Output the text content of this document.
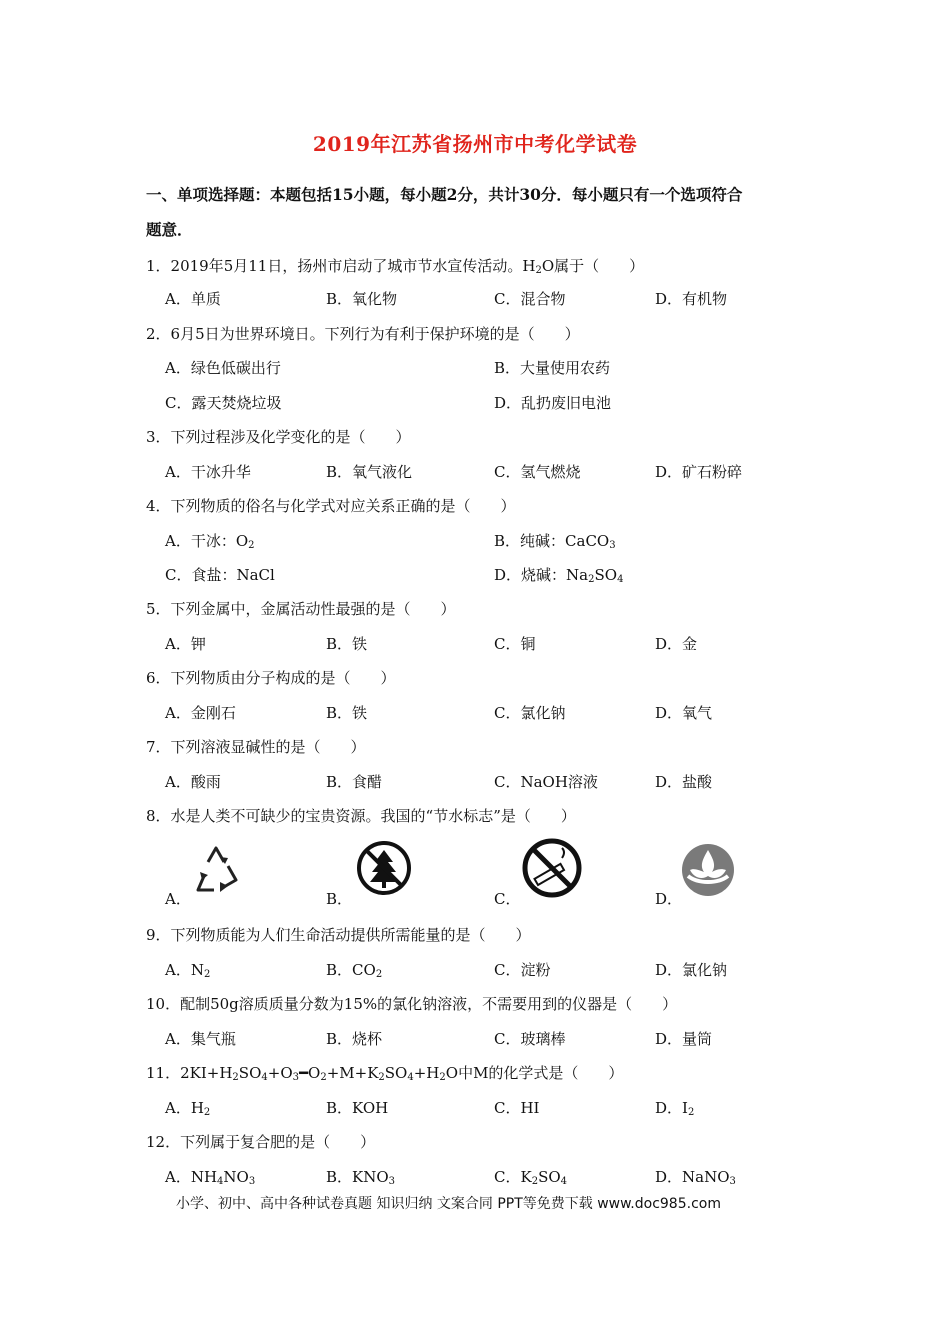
2019年江苏省扬州市中考化学试卷
一、单项选择题：本题包括15小题，每小题2分，共计30分．每小题只有一个选项符合
题意．
1．2019年5月11日，扬州市启动了城市节水宣传活动。$H_2O$属于（　　）
A．单质	B．氧化物	C．混合物	D．有机物
2．6月5日为世界环境日。下列行为有利于保护环境的是（　　）
A．绿色低碳出行	B．大量使用农药
C．露天焚烧垃圾	D．乱扔废旧电池
3．下列过程涉及化学变化的是（　　）
A．干冰升华	B．氧气液化	C．氢气燃烧	D．矿石粉碎
4．下列物质的俗名与化学式对应关系正确的是（　　）
A．干冰：$O_2$	B．纯碱：CaCO$_3$
C．食盐：NaCl	D．烧碱：$Na_2SO_4$
5．下列金属中，金属活动性最强的是（　　）
A．钾	B．铁	C．铜	D．金
6．下列物质由分子构成的是（　　）
A．金刚石	B．铁	C．氯化钠	D．氧气
7．下列溶液显碱性的是（　　）
A．酸雨	B．食醋	C．NaOH溶液	D．盐酸
8．水是人类不可缺少的宝贵资源。我国的“节水标志”是（　　）
A．	B．	C．	D．
9．下列物质能为人们生命活动提供所需能量的是（　　）
A．$N_2$	B．$CO_2$	C．淀粉	D．氯化钠
10．配制50g溶质质量分数为15%的氯化钠溶液，不需要用到的仪器是（　　）
A．集气瓶	B．烧杯	C．玻璃棒	D．量筒
11．$2KI+H_2SO_4+O_3━O_2+M+K_2SO_4+H_2O$中M的化学式是（　　）
A．$H_2$	B．KOH	C．HI	D．$I_2$
12．下列属于复合肥的是（　　）
A．$NH_4NO_3$	B．$KNO_3$	C．$K_2SO_4$	D．NaNO$_3$
小学、初中、高中各种试卷真题 知识归纳 文案合同 PPT等免费下载 www.doc985.com
